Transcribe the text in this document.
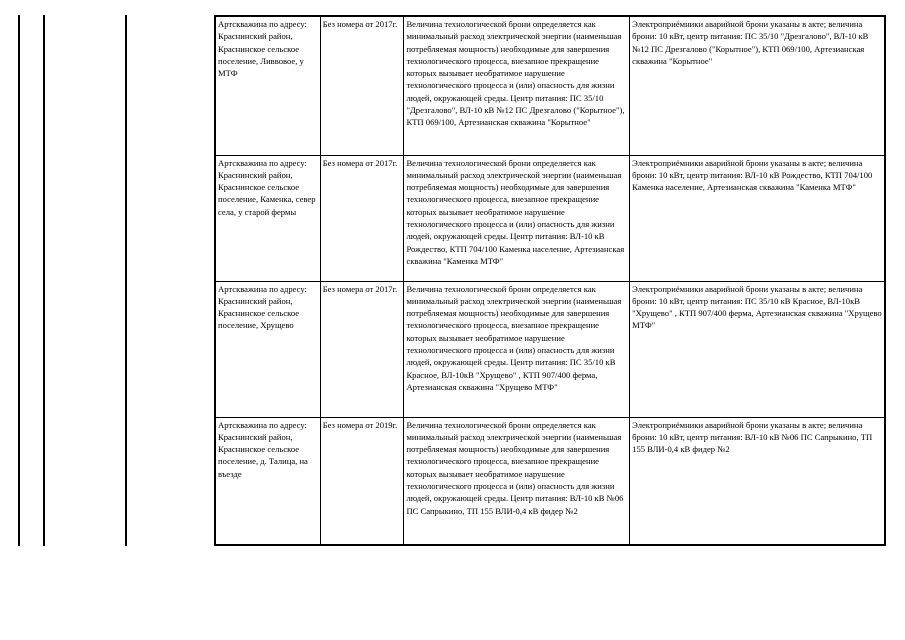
Артскважина по адресу: Краснинский район, Краснинское сельское поселение, Ливвовое, у МТФ	Без номера от 2017г.	Величина технологической брони определяется как минимальный расход электрической энергии (наименьшая потребляемая мощность) необходимые для завершения технологического процесса, внезапное прекращение которых вызывает необратимое нарушение технологического процесса и (или) опасность для жизни людей, окружающей среды. Центр питания: ПС 35/10 "Дрезгалово", ВЛ-10 кВ №12 ПС Дрезгалово ("Корытное"), КТП 069/100, Артезианская скважина "Корытное"	Электроприёмники аварийной брони указаны в акте; величина брони: 10 кВт, центр питания: ПС 35/10 "Дрезгалово", ВЛ-10 кВ №12 ПС Дрезгалово ("Корытное"), КТП 069/100, Артезианская скважина "Корытное"
Артскважина по адресу: Краснинский район, Краснинское сельское поселение, Каменка, север села, у старой фермы	Без номера от 2017г.	Величина технологической брони определяется как минимальный расход электрической энергии (наименьшая потребляемая мощность) необходимые для завершения технологического процесса, внезапное прекращение которых вызывает необратимое нарушение технологического процесса и (или) опасность для жизни людей, окружающей среды. Центр питания: ВЛ-10 кВ Рождество, КТП 704/100 Каменка население, Артезианская скважина "Каменка МТФ"	Электроприёмники аварийной брони указаны в акте; величина брони: 10 кВт, центр питания: ВЛ-10 кВ Рождество, КТП 704/100 Каменка население, Артезианская скважина "Каменка МТФ"
Артскважина по адресу: Краснинский район, Краснинское сельское поселение, Хрущево	Без номера от 2017г.	Величина технологической брони определяется как минимальный расход электрической энергии (наименьшая потребляемая мощность) необходимые для завершения технологического процесса, внезапное прекращение которых вызывает необратимое нарушение технологического процесса и (или) опасность для жизни людей, окружающей среды. Центр питания: ПС 35/10 кВ Красное, ВЛ-10кВ "Хрущево" , КТП 907/400 ферма, Артезианская скважина "Хрущево МТФ"	Электроприёмники аварийной брони указаны в акте; величина брони: 10 кВт, центр питания: ПС 35/10 кВ Красное, ВЛ-10кВ "Хрущево" , КТП 907/400 ферма, Артезианская скважина "Хрущево МТФ"
Артскважина по адресу: Краснинский район, Краснинское сельское поселение, д. Талица, на въезде	Без номера от 2019г.	Величина технологической брони определяется как минимальный расход электрической энергии (наименьшая потребляемая мощность) необходимые для завершения технологического процесса, внезапное прекращение которых вызывает необратимое нарушение технологического процесса и (или) опасность для жизни людей, окружающей среды. Центр питания: ВЛ-10 кВ №06 ПС Сапрыкино, ТП 155 ВЛИ-0,4 кВ фидер №2	Электроприёмники аварийной брони указаны в акте; величина брони: 10 кВт, центр питания: ВЛ-10 кВ №06 ПС Сапрыкино, ТП 155 ВЛИ-0,4 кВ фидер №2
